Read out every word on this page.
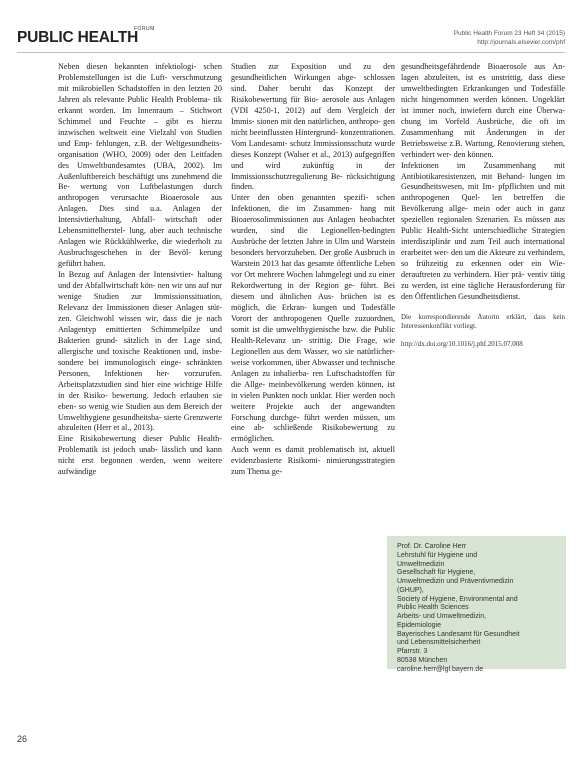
FORUM
PUBLIC HEALTH	Public Health Forum 23 Heft 34 (2015)
http://journals.elsevier.com/phf

Neben diesen bekannten infektiologi- schen Problemstellungen ist die Luft- verschmutzung mit mikrobiellen Schadstoffen in den letzten 20 Jahren als relevante Public Health Problema- tik erkannt worden. Im Innenraum – Stichwort Schimmel und Feuchte – gibt es hierzu inzwischen weltweit eine Vielzahl von Studien und Emp- fehlungen, z.B. der Weltgesundheits- organisation (WHO, 2009) oder den Leitfaden des Umweltbundesamtes (UBA, 2002). Im Außenluftbereich beschäftigt uns zunehmend die Be- wertung von Luftbelastungen durch anthropogen verursachte Bioaerosole aus Anlagen. Dies sind u.a. Anlagen der Intensivtierhaltung, Abfall- wirtschaft oder Lebensmittelherstel- lung, aber auch technische Anlagen wie Rückkühlwerke, die wiederholt zu Ausbruchsgeschehen in der Bevöl- kerung geführt haben.

In Bezug auf Anlagen der Intensivtier- haltung und der Abfallwirtschaft kön- nen wir uns auf nur wenige Studien zur Immissionssituation, Relevanz der Immissionen dieser Anlagen stüt- zen. Gleichwohl wissen wir, dass die je nach Anlagentyp emittierten Schimmelpilze und Bakterien grund- sätzlich in der Lage sind, allergische und toxische Reaktionen und, insbe- sondere bei immunologisch einge- schränkten Personen, Infektionen her- vorzurufen. Arbeitsplatzstudien sind hier eine wichtige Hilfe in der Risiko- bewertung. Jedoch erlauben sie eben- so wenig wie Studien aus dem Bereich der Umwelthygiene gesundheitsba- sierte Grenzwerte abzuleiten (Herr et al., 2013).

Eine Risikobewertung dieser Public Health-Problematik ist jedoch unab- lässlich und kann nicht erst begonnen werden, wenn weitere aufwändige

Studien zur Exposition und zu den gesundheitlichen Wirkungen abge- schlossen sind. Daher beruht das Konzept der Risikobewertung für Bio- aerosole aus Anlagen (VDI 4250-1, 2012) auf dem Vergleich der Immis- sionen mit den natürlichen, anthropo- gen nicht beeinflussten Hintergrund- konzentrationen. Vom Landesamt- schutz Immissionsschutz wurde dieses Konzept (Walser et al., 2013) aufgegriffen und wird zukünftig in der Immissionsschutzregulierung Be- rücksichtigung finden.

Unter den oben genannten spezifi- schen Infektionen, die im Zusammen- hang mit Bioaerosolimmissionen aus Anlagen beobachtet wurden, sind die Legionellen-bedingten Ausbrüche der letzten Jahre in Ulm und Warstein besonders hervorzuheben. Der große Ausbruch in Warstein 2013 hat das gesamte öffentliche Leben vor Ort mehrere Wochen lahmgelegt und zu einer Rekordwertung in der Region ge- führt. Bei diesem und ähnlichen Aus- brüchen ist es möglich, die Erkran- kungen und Todesfälle Vorort der anthropogenen Quelle zuzuordnen, somit ist die umwelthygienische bzw. die Public Health-Relevanz un- strittig. Die Frage, wie Legionellen aus dem Wasser, wo sie natürlicher- weise vorkommen, über Abwasser und technische Anlagen zu inhalierba- ren Luftschadstoffen für die Allge- meinbevölkerung werden können, ist in vielen Punkten noch unklar. Hier werden noch weitere Projekte auch der angewandten Forschung durchge- führt werden müssen, um eine ab- schließende Risikobewertung zu ermöglichen.

Auch wenn es damit problematisch ist, aktuell evidenzbasierte Risikomi- nimierungsstrategien zum Thema ge-

gesundheitsgefährdende Bioaerosole aus An- lagen abzuleiten, ist es unstrittig, dass diese umweltbedingten Erkrankungen und Todesfälle nicht hingenommen werden können. Ungeklärt ist immer noch, inwiefern durch eine Überwa- chung im Vorfeld Ausbrüche, die oft im Zusammenhang mit Änderungen in der Betriebsweise z.B. Wartung, Renovierung stehen, verhindert wer- den können.

Infektionen im Zusammenhang mit Antibiotikaresistenzen, mit Behand- lungen im Gesundheitswesen, mit Im- pfpflichten und mit anthropogenen Quel- len betreffen die Bevölkerung allge- mein oder auch in ganz speziellen regionalen Szenarien. Es müssen aus Public Health-Sicht unterschiedliche Strategien interdisziplinär und zum Teil auch international erarbeitet wer- den um die Akteure zu verhindern, so frühzeitig zu erkennen oder ein Wie- derauftreten zu verhindern. Hier prä- ventiv tätig zu werden, ist eine tägliche Herausforderung für den Öffentlichen Gesundheitsdienst.

Die korrespondierende Autorin erklärt, dass kein Interessenkonflikt vorliegt.

http://dx.doi.org/10.1016/j.phf.2015.07.008

Prof. Dr. Caroline Herr
Lehrstuhl für Hygiene und
Umweltmedizin
Gesellschaft für Hygiene,
Umweltmedizin und Präventivmedizin
(GHUP),
Society of Hygiene, Environmental and
Public Health Sciences
Arbeits- und Umweltmedizin,
Epidemiologie
Bayerisches Landesamt für Gesundheit
und Lebensmittelsicherheit
Pfarrstr. 3
80538 München
caroline.herr@lgl.bayern.de
26
